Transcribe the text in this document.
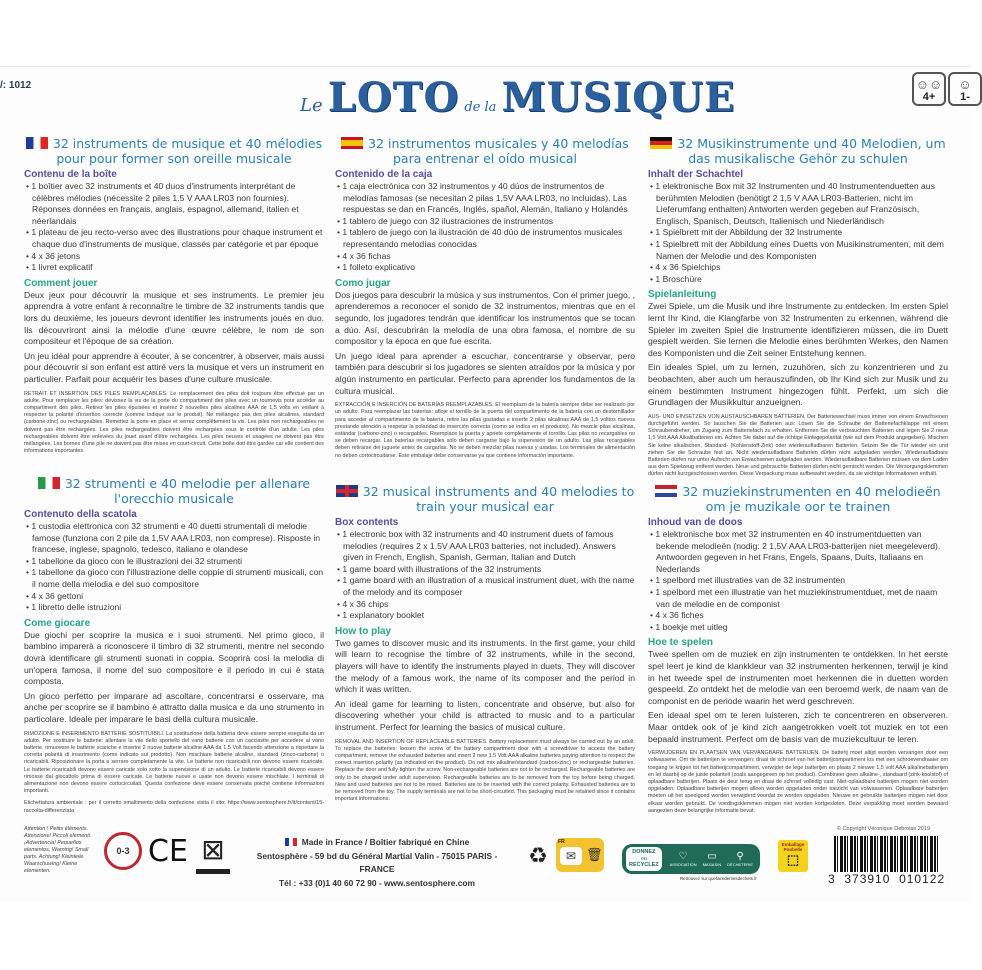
/: 1012
Le LOTO de la MUSIQUE	☺☺
4+
☺
1-
32 instruments de musique et 40 mélodies pour pour former son oreille musicale
Contenu de la boîte
• 1 boîtier avec 32 instruments et 40 duos d'instruments interprétant de célèbres mélodies (nécessite 2 piles 1.5 V AAA LR03 non fournies). Réponses données en français, anglais, espagnol, allemand, italien et néerlandais
• 1 plateau de jeu recto-verso avec des illustrations pour chaque instrument et chaque duo d'instruments de musique, classés par catégorie et par époque
• 4 x 36 jetons
• 1 livret explicatif
Comment jouer

Deux jeux pour découvrir la musique et ses instruments. Le premier jeu apprendra à votre enfant à reconnaître le timbre de 32 instruments tandis que lors du deuxième, les joueurs devront identifier les instruments joués en duo. Ils découvriront ainsi la mélodie d'une œuvre célèbre, le nom de son compositeur et l'époque de sa création.

Un jeu idéal pour apprendre à écouter, à se concentrer, à observer, mais aussi pour découvrir si son enfant est attiré vers la musique et vers un instrument en particulier. Parfait pour acquérir les bases d'une culture musicale.

RETRAIT ET INSERTION DES PILES REMPLAÇABLES. Le remplacement des piles doit toujours être effectué par un adulte. Pour remplacer les piles: dévissez la vis de la porte du compartiment des piles avec un tournevis pour accéder au compartiment des piles. Retirez les piles épuisées et insérez 2 nouvelles piles alcalines AAA de 1,5 volts en veillant à respecter la polarité d'insertion correcte (comme indiqué sur le produit). Ne mélangez pas des piles alcalines, standard (carbone-zinc) ou rechargeables. Remettez la porte en place et serrez complètement la vis. Les piles non rechargeables ne doivent pas être rechargées. Les piles rechargeables doivent être rechargées sous le contrôle d'un adulte. Les piles rechargeables doivent être enlevées du jouet avant d'être rechargées. Les piles neuves et usagées ne doivent pas être mélangées. Les bornes d'une pile ne doivent pas être mises en court-circuit. Cette boîte doit être gardée car elle contient des informations importantes.
32 instrumentos musicales y 40 melodías para entrenar el oído musical
Contenido de la caja
• 1 caja electrónica con 32 instrumentos y 40 dúos de instrumentos de melodías famosas (se necesitan 2 pilas 1,5V AAA LR03, no incluidas). Las respuestas se dan en Francés, Inglés, spañol, Alemán, Italiano y Holandés
• 1 tablero de juego con 32 ilustraciones de instrumentos
• 1 tablero de juego con la ilustración de 40 dúo de instrumentos musicales representando melodías conocidas
• 4 x 36 fichas
• 1 folleto explicativo
Como jugar

Dos juegos para descubrir la música y sus instrumentos. Con el primer juego, , aprenderemos a reconocer el sonido de 32 instrumentos, mientras que en el segundo, los jugadores tendrán que identificar los instrumentos que se tocan a dúo. Así, descubrirán la melodía de una obra famosa, el nombre de su compositor y la época en que fue escrita.

Un juego ideal para aprender a escuchar, concentrarse y observar, pero también para descubrir si los jugadores se sienten atraídos por la música y por algún instrumento en particular. Perfecto para aprender los fundamentos de la cultura musical.

EXTRACCIÓN E INSERCIÓN DE BATERÍAS REEMPLAZABLES. El reemplazo de la batería siempre debe ser realizado por un adulto. Para reemplazar las baterías: afloje el tornillo de la puerta del compartimento de la batería con un destornillador para acceder al compartimento de la batería, retire las pilas gastadas e inserte 2 pilas alcalinas AAA de 1,5 voltios nuevos prestando atención a respetar la polaridad de inserción correcta (como se indica en el producto). No mezcle pilas alcalinas, estándar (carbono-zinc) o recargables. Reemplace la puerta y apriete completamente el tornillo. Las pilas no recargables no se deben recargar. Las baterías recargables sólo deben cargarse bajo la supervisión de un adulto. Las pilas recargables deben retirarse del juguete antes de cargarlas. No se deben mezclar pilas nuevas y usadas. Los terminales de alimentación no deben cortocircuitarse. Este embalaje debe conservarse ya que contiene información importante.
32 Musikinstrumente und 40 Melodien, um das musikalische Gehör zu schulen
Inhalt der Schachtel
• 1 elektronische Box mit 32 Instrumenten und 40 Instrumentenduetten aus berühmten Melodien (benötigt 2 1,5 V AAA LR03-Batterien, nicht im Lieferumfang enthalten) Antworten werden gegeben auf Französisch, Englisch, Spanisch, Deutsch, Italienisch und Niederländisch
• 1 Spielbrett mit der Abbildung der 32 Instrumente
• 1 Spielbrett mit der Abbildung eines Duetts von Musikinstrumenten, mit dem Namen der Melodie und des Komponisten
• 4 x 36 Spielchips
• 1 Broschüre
Spielanleitung

Zwei Spiele, um die Musik und ihre Instrumente zu entdecken. Im ersten Spiel lernt Ihr Kind, die Klangfarbe von 32 Instrumenten zu erkennen, während die Spieler im zweiten Spiel die Instrumente identifizieren müssen, die im Duett gespielt werden. Sie lernen die Melodie eines berühmten Werkes, den Namen des Komponisten und die Zeit seiner Entstehung kennen.

Ein ideales Spiel, um zu lernen, zuzuhören, sich zu konzentrieren und zu beobachten, aber auch um herauszufinden, ob Ihr Kind sich zur Musik und zu einem bestimmten Instrument hingezogen fühlt. Perfekt, um sich die Grundlagen der Musikkultur anzueignen.

AUS- UND EINSETZEN VON AUSTAUSCHBAREN BATTERIEN. Der Batteriewechsel muss immer von einem Erwachsenen durchgeführt werden. So tauschen Sie die Batterien aus: Lösen Sie die Schraube der Batteriefachklappe mit einem Schraubendreher, um Zugang zum Batteriefach zu erhalten. Entfernen Sie die verbrauchten Batterien und legen Sie 2 neue 1,5 Volt AAA Alkalibatterien ein. Achten Sie dabei auf die richtige Einlegepolarität (wie auf dem Produkt angegeben). Mischen Sie keine alkalischen, Standard- (Kohlenstoff-Zink) oder wiederaufladbaren Batterien. Setzen Sie die Tür wieder ein und ziehen Sie die Schraube fest an. Nicht wiederaufladbare Batterien dürfen nicht aufgeladen werden. Wiederaufladbare Batterien dürfen nur unter Aufsicht von Erwachsenen aufgeladen werden. Wiederaufladbare Batterien müssen vor dem Laden aus dem Spielzeug entfernt werden. Neue und gebrauchte Batterien dürfen nicht gemischt werden. Die Versorgungsklemmen dürfen nicht kurzgeschlossen werden. Diese Verpackung muss aufbewahrt werden, da sie wichtige Informationen enthält.
32 strumenti e 40 melodie per allenare l'orecchio musicale
Contenuto della scatola
• 1 custodia elettronica con 32 strumenti e 40 duetti strumentali di melodie famose (funziona con 2 pile da 1,5V AAA LR03, non comprese). Risposte in francese, inglese, spagnolo, tedesco, italiano e olandese
• 1 tabellone da gioco con le illustrazioni dei 32 strumenti
• 1 tabellone da gioco con l'illustrazione delle coppie di strumenti musicali, con il nome della melodia e del suo compositore
• 4 x 36 gettoni
• 1 libretto delle istruzioni
Come giocare

Due giochi per scoprire la musica e i suoi strumenti. Nel primo gioco, il bambino imparerà a riconoscere il timbro di 32 strumenti, mentre nel secondo dovrà identificare gli strumenti suonati in coppia. Scoprirà così la melodia di un'opera famosa, il nome del suo compositore e il periodo in cui è stata composta.

Un gioco perfetto per imparare ad ascoltare, concentrarsi e osservare, ma anche per scoprire se il bambino è attratto dalla musica e da uno strumento in particolare. Ideale per imparare le basi della cultura musicale.

RIMOZIONE E INSERIMENTO BATTERIE SOSTITUIBILI. La sostituzione della batteria deve essere sempre eseguita da un adulto. Per sostituire le batterie: allentare la vite dello sportello del vano batterie con un cacciavite per accedere al vano batterie. rimuovere le batterie scariche e inserire 2 nuove batterie alcaline AAA da 1,5 Volt facendo attenzione a rispettare la corretta polarità di inserimento (come indicato sul prodotto). Non mischiare batterie alcaline, standard (zinco-carbone) o ricaricabili. Riposizionare la porta e serrare completamente la vite. Le batterie non ricaricabili non devono essere ricaricate. Le batterie ricaricabili devono essere caricate solo sotto la supervisione di un adulto. Le batterie ricaricabili devono essere rimosse dal giocattolo prima di essere caricate. Le batterie nuove e usate non devono essere mischiate. I terminali di alimentazione non devono essere cortocircuitati. Questa confezione deve essere conservata poiché contiene informazioni importanti.
Etichettatura ambientale : per il corretto smaltimento della confezione visita il sito: https://www.sentosphere.fr/it/content/15-raccolta-differenziata
32 musical instruments and 40 melodies to train your musical ear
Box contents
• 1 electronic box with 32 instruments and 40 instrument duets of famous melodies (requires 2 x 1.5V AAA LR03 batteries, not included). Answers given in French, English, Spanish, German, Italian and Dutch
• 1 game board with illustrations of the 32 instruments
• 1 game board with an illustration of a musical instrument duet, with the name of the melody and its composer
• 4 x 36 chips
• 1 explanatory booklet
How to play

Two games to discover music and its instruments. In the first game, your child will learn to recognise the timbre of 32 instruments, while in the second, players will have to identify the instruments played in duets. They will discover the melody of a famous work, the name of its composer and the period in which it was written.

An ideal game for learning to listen, concentrate and observe, but also for discovering whether your child is attracted to music and to a particular instrument. Perfect for learning the basics of musical culture.

REMOVAL AND INSERTION OF REPLACEABLE BATTERIES. Battery replacement must always be carried out by an adult. To replace the batteries: loosen the screw of the battery compartment door with a screwdriver to access the battery compartment, remove the exhausted batteries and insert 2 new 1.5 Volt AAA alkaline batteries paying attention to respect the correct insertion polarity (as indicated on the product). Do not mix alkaline/standard (carbon-zinc) or rechargeable batteries. Replace the door and fully tighten the screw. Non-rechargeable batteries are not to be recharged. Rechargeable batteries are only to be charged under adult supervision. Rechargeable batteries are to be removed from the toy before being charged. New and used batteries are not to be mixed. Batteries are to be inserted with the correct polarity. Exhausted batteries are to be removed from the toy. The supply terminals are not to be short-circuited. This packaging must be retained since it contains important informations.
32 muziekinstrumenten en 40 melodieën om je muzikale oor te trainen
Inhoud van de doos
• 1 elektronische box met 32 instrumenten en 40 instrumentduetten van bekende melodieën (nodig: 2 1,5V AAA LR03-batterijen niet meegeleverd). Antwoorden gegeven in het Frans, Engels, Spaans, Duits, Italiaans en Nederlands
• 1 spelbord met illustraties van de 32 instrumenten
• 1 spelbord met een illustratie van het muziekinstrumentduet, met de naam van de melodie en de componist
• 4 x 36 fiches
• 1 boekje met uitleg
Hoe te spelen

Twee spellen om de muziek en zijn instrumenten te ontdekken. In het eerste spel leert je kind de klankkleur van 32 instrumenten herkennen, terwijl je kind in het tweede spel de instrumenten moet herkennen die in duetten worden gespeeld. Zo ontdekt het de melodie van een beroemd werk, de naam van de componist en de periode waarin het werd geschreven.

Een ideaal spel om te leren luisteren, zich te concentreren en observeren. Maar ontdek ook of je kind zich aangetrokken voelt tot muziek en tot een bepaald instrument. Perfect om de basis van de muziekcultuur te leren.

VERWIJDEREN EN PLAATSEN VAN VERVANGBARE BATTERIJEN. De batterij moet altijd worden vervangen door een volwassene. Om de batterijen te vervangen: draai de schroef van het batterijcompartiment los met een schroevendraaier om toegang te krijgen tot het batterijcompartiment, verwijder de lege batterijen en plaats 2 nieuwe 1,5 volt AAA alkalinebatterijen en let daarbij op de juiste polariteit (zoals aangegeven op het product). Combineer geen alkaline-, standaard (zink-koolstof) of oplaadbare batterijen. Plaats de deur terug en draai de schroef volledig vast. Niet-oplaadbare batterijen mogen niet worden opgeladen. Oplaadbare batterijen mogen alleen worden opgeladen onder toezicht van volwassenen. Oplaadbare batterijen moeten uit het speelgoed worden verwijderd voordat ze worden opgeladen. Nieuwe en gebruikte batterijen mogen niet door elkaar worden gebruikt. De voedingsklemmen mogen niet worden kortgesloten. Deze verpakking moet worden bewaard aangezien deze belangrijke informatie bevat.
Attention ! Petits éléments. Attenzione! Piccoli elementi. ¡Advertencia! Pequeños elementos. Warning! Small parts. Achtung! Kleinteile. Waarschuwing! Kleine elementen.
0-3 CE ⊠	Made in France / Boîtier fabriqué en Chine
Sentosphère - 59 bd du Général Martial Valin - 75015 PARIS - FRANCE
Tél : +33 (0)1 40 60 72 90 - www.sentosphere.com
♻
FR
✉ 🗑	DONNEZ
ou
RECYCLEZ
♡
ASSOCIATION
▭
MAGASIN
⚲
DÉCHETERIE
Retrouvez sur quefairedemesdechets.fr
Emballage Poubelle
⬚
© Copyright Véronique Debroise 2019
3 373910 010122
